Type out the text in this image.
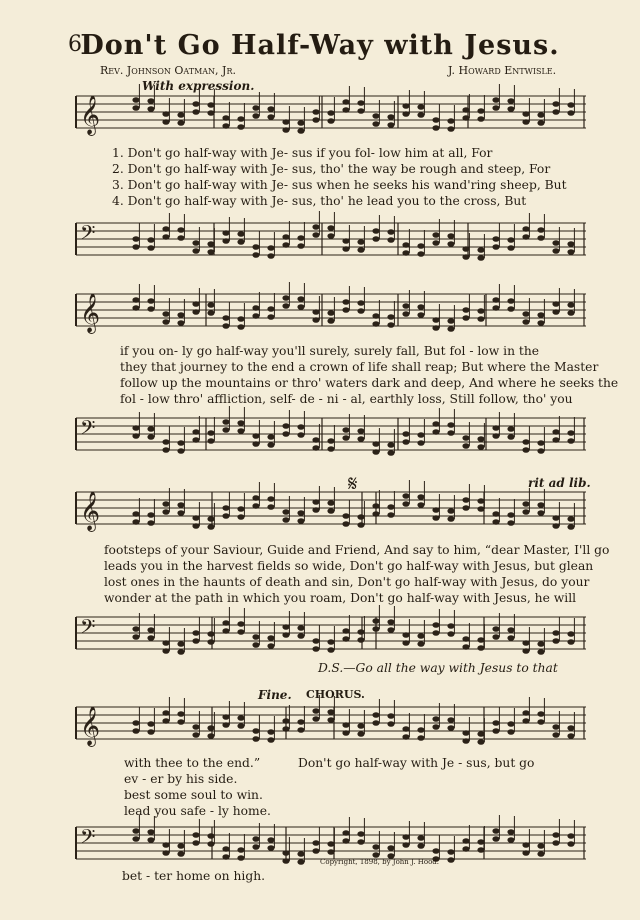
6
Don't Go Half-Way with Jesus.
Rev. Johnson Oatman, Jr.	J. Howard Entwisle.
With expression.
𝄞
𝄢
1. Don't go half-way with Je- sus if you fol- low him at all, For
2. Don't go half-way with Je- sus, tho' the way be rough and steep, For
3. Don't go half-way with Je- sus when he seeks his wand'ring sheep, But
4. Don't go half-way with Je- sus, tho' he lead you to the cross, But
𝄞
𝄢
if you on- ly go half-way you'll surely, surely fall, But fol - low in the
they that journey to the end a crown of life shall reap; But where the Master
follow up the mountains or thro' waters dark and deep, And where he seeks the
fol - low thro' affliction, self- de - ni - al, earthly loss, Still follow, tho' you
𝄋	rit ad lib.
𝄞
𝄢
footsteps of your Saviour, Guide and Friend, And say to him, “dear Master, I'll go
leads you in the harvest fields so wide, Don't go half-way with Jesus, but glean
lost ones in the haunts of death and sin, Don't go half-way with Jesus, do your
wonder at the path in which you roam, Don't go half-way with Jesus, he will
D.S.—Go all the way with Jesus to that
Fine. CHORUS.
𝄞
𝄢
with thee to the end.”
ev - er by his side.
best some soul to win.
lead you safe - ly home.
Don't go half-way with Je - sus, but go
bet - ter home on high.
Copyright, 1898, by John J. Hood.
